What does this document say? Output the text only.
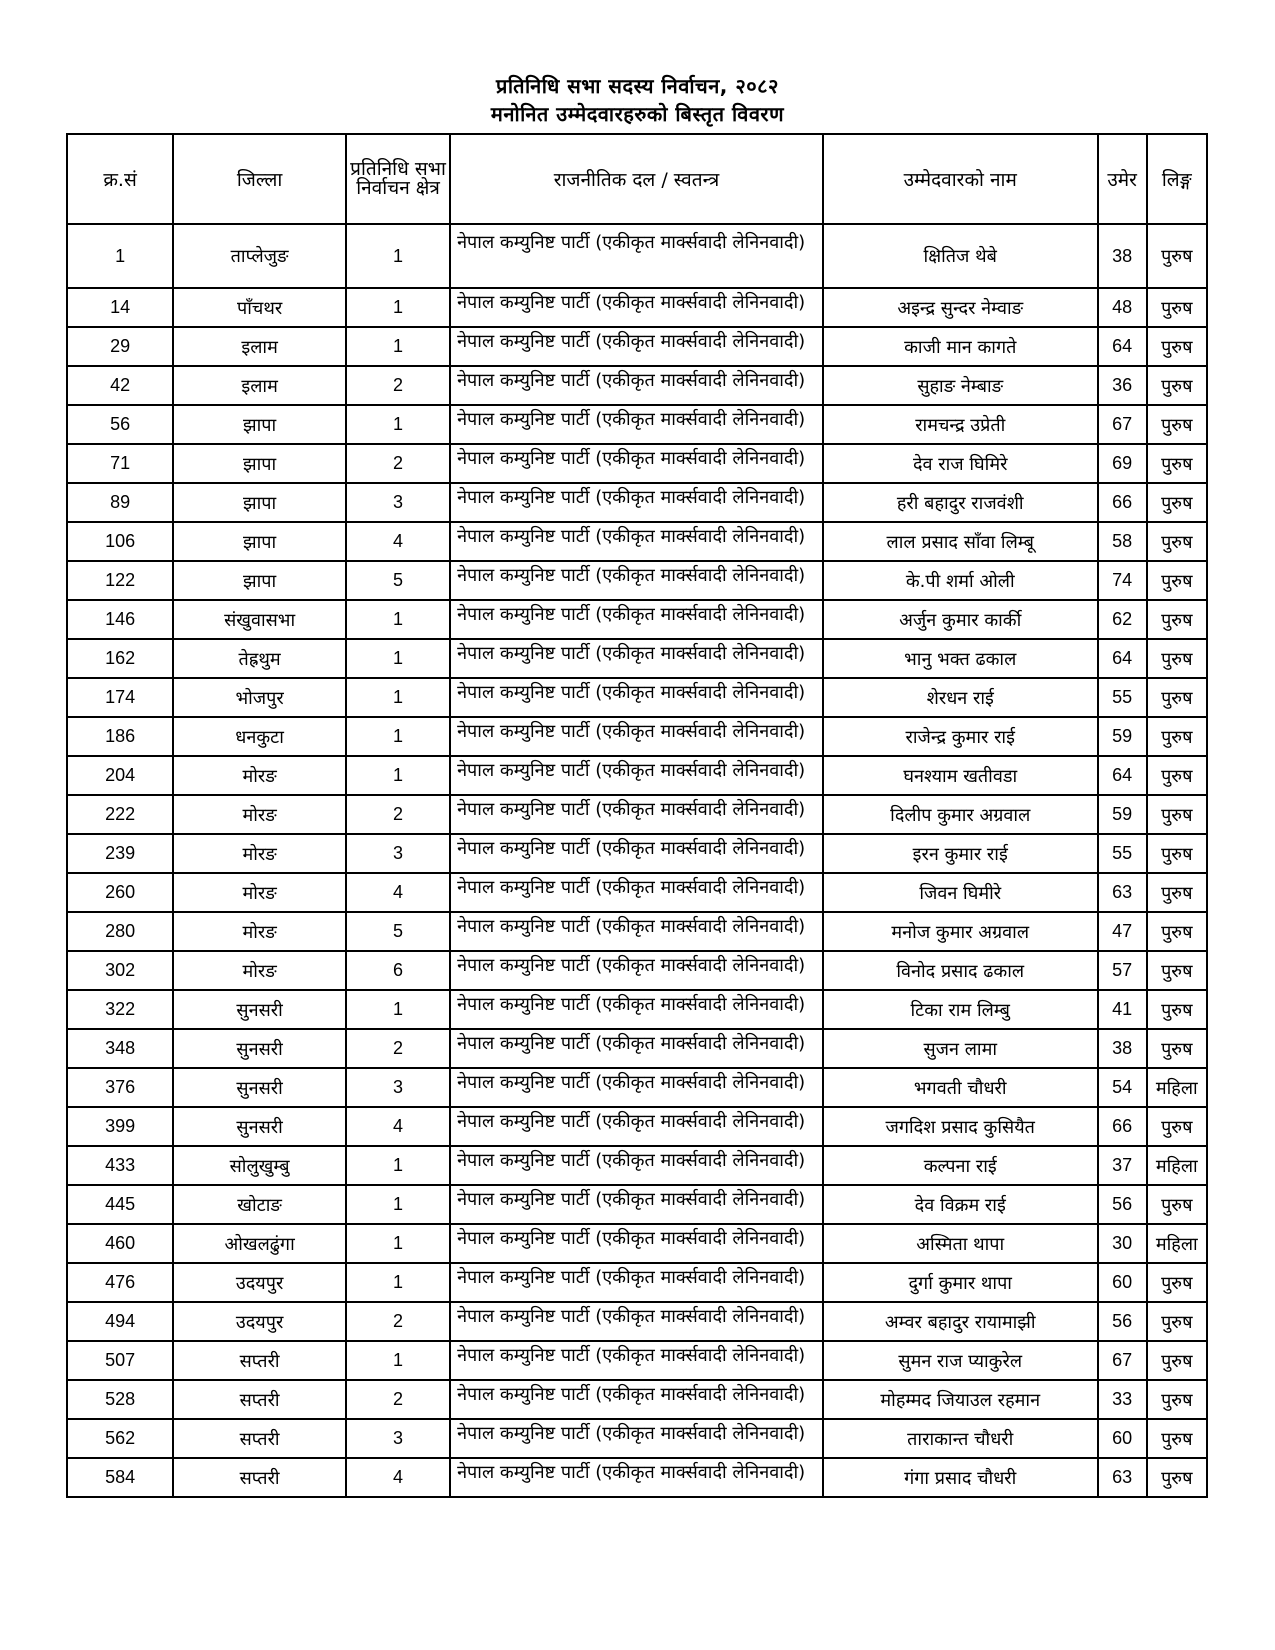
प्रतिनिधि सभा सदस्य निर्वाचन, २०८२
मनोनित उम्मेदवारहरुको बिस्तृत विवरण
क्र.सं	जिल्ला	प्रतिनिधि सभा निर्वाचन क्षेत्र	राजनीतिक दल / स्वतन्त्र	उम्मेदवारको नाम	उमेर	लिङ्ग
1	ताप्लेजुङ	1	नेपाल कम्युनिष्ट पार्टी (एकीकृत मार्क्सवादी लेनिनवादी)	क्षितिज थेबे	38	पुरुष
14	पाँचथर	1	नेपाल कम्युनिष्ट पार्टी (एकीकृत मार्क्सवादी लेनिनवादी)	अइन्द्र सुन्दर नेम्वाङ	48	पुरुष
29	इलाम	1	नेपाल कम्युनिष्ट पार्टी (एकीकृत मार्क्सवादी लेनिनवादी)	काजी मान कागते	64	पुरुष
42	इलाम	2	नेपाल कम्युनिष्ट पार्टी (एकीकृत मार्क्सवादी लेनिनवादी)	सुहाङ नेम्बाङ	36	पुरुष
56	झापा	1	नेपाल कम्युनिष्ट पार्टी (एकीकृत मार्क्सवादी लेनिनवादी)	रामचन्द्र उप्रेती	67	पुरुष
71	झापा	2	नेपाल कम्युनिष्ट पार्टी (एकीकृत मार्क्सवादी लेनिनवादी)	देव राज घिमिरे	69	पुरुष
89	झापा	3	नेपाल कम्युनिष्ट पार्टी (एकीकृत मार्क्सवादी लेनिनवादी)	हरी बहादुर राजवंशी	66	पुरुष
106	झापा	4	नेपाल कम्युनिष्ट पार्टी (एकीकृत मार्क्सवादी लेनिनवादी)	लाल प्रसाद साँवा लिम्बू	58	पुरुष
122	झापा	5	नेपाल कम्युनिष्ट पार्टी (एकीकृत मार्क्सवादी लेनिनवादी)	के.पी शर्मा ओली	74	पुरुष
146	संखुवासभा	1	नेपाल कम्युनिष्ट पार्टी (एकीकृत मार्क्सवादी लेनिनवादी)	अर्जुन कुमार कार्की	62	पुरुष
162	तेह्रथुम	1	नेपाल कम्युनिष्ट पार्टी (एकीकृत मार्क्सवादी लेनिनवादी)	भानु भक्त ढकाल	64	पुरुष
174	भोजपुर	1	नेपाल कम्युनिष्ट पार्टी (एकीकृत मार्क्सवादी लेनिनवादी)	शेरधन राई	55	पुरुष
186	धनकुटा	1	नेपाल कम्युनिष्ट पार्टी (एकीकृत मार्क्सवादी लेनिनवादी)	राजेन्द्र कुमार राई	59	पुरुष
204	मोरङ	1	नेपाल कम्युनिष्ट पार्टी (एकीकृत मार्क्सवादी लेनिनवादी)	घनश्याम खतीवडा	64	पुरुष
222	मोरङ	2	नेपाल कम्युनिष्ट पार्टी (एकीकृत मार्क्सवादी लेनिनवादी)	दिलीप कुमार अग्रवाल	59	पुरुष
239	मोरङ	3	नेपाल कम्युनिष्ट पार्टी (एकीकृत मार्क्सवादी लेनिनवादी)	इरन कुमार राई	55	पुरुष
260	मोरङ	4	नेपाल कम्युनिष्ट पार्टी (एकीकृत मार्क्सवादी लेनिनवादी)	जिवन घिमीरे	63	पुरुष
280	मोरङ	5	नेपाल कम्युनिष्ट पार्टी (एकीकृत मार्क्सवादी लेनिनवादी)	मनोज कुमार अग्रवाल	47	पुरुष
302	मोरङ	6	नेपाल कम्युनिष्ट पार्टी (एकीकृत मार्क्सवादी लेनिनवादी)	विनोद प्रसाद ढकाल	57	पुरुष
322	सुनसरी	1	नेपाल कम्युनिष्ट पार्टी (एकीकृत मार्क्सवादी लेनिनवादी)	टिका राम लिम्बु	41	पुरुष
348	सुनसरी	2	नेपाल कम्युनिष्ट पार्टी (एकीकृत मार्क्सवादी लेनिनवादी)	सुजन लामा	38	पुरुष
376	सुनसरी	3	नेपाल कम्युनिष्ट पार्टी (एकीकृत मार्क्सवादी लेनिनवादी)	भगवती चौधरी	54	महिला
399	सुनसरी	4	नेपाल कम्युनिष्ट पार्टी (एकीकृत मार्क्सवादी लेनिनवादी)	जगदिश प्रसाद कुसियैत	66	पुरुष
433	सोलुखुम्बु	1	नेपाल कम्युनिष्ट पार्टी (एकीकृत मार्क्सवादी लेनिनवादी)	कल्पना राई	37	महिला
445	खोटाङ	1	नेपाल कम्युनिष्ट पार्टी (एकीकृत मार्क्सवादी लेनिनवादी)	देव विक्रम राई	56	पुरुष
460	ओखलढुंगा	1	नेपाल कम्युनिष्ट पार्टी (एकीकृत मार्क्सवादी लेनिनवादी)	अस्मिता थापा	30	महिला
476	उदयपुर	1	नेपाल कम्युनिष्ट पार्टी (एकीकृत मार्क्सवादी लेनिनवादी)	दुर्गा कुमार थापा	60	पुरुष
494	उदयपुर	2	नेपाल कम्युनिष्ट पार्टी (एकीकृत मार्क्सवादी लेनिनवादी)	अम्वर बहादुर रायामाझी	56	पुरुष
507	सप्तरी	1	नेपाल कम्युनिष्ट पार्टी (एकीकृत मार्क्सवादी लेनिनवादी)	सुमन राज प्याकुरेल	67	पुरुष
528	सप्तरी	2	नेपाल कम्युनिष्ट पार्टी (एकीकृत मार्क्सवादी लेनिनवादी)	मोहम्मद जियाउल रहमान	33	पुरुष
562	सप्तरी	3	नेपाल कम्युनिष्ट पार्टी (एकीकृत मार्क्सवादी लेनिनवादी)	ताराकान्त चौधरी	60	पुरुष
584	सप्तरी	4	नेपाल कम्युनिष्ट पार्टी (एकीकृत मार्क्सवादी लेनिनवादी)	गंगा प्रसाद चौधरी	63	पुरुष
